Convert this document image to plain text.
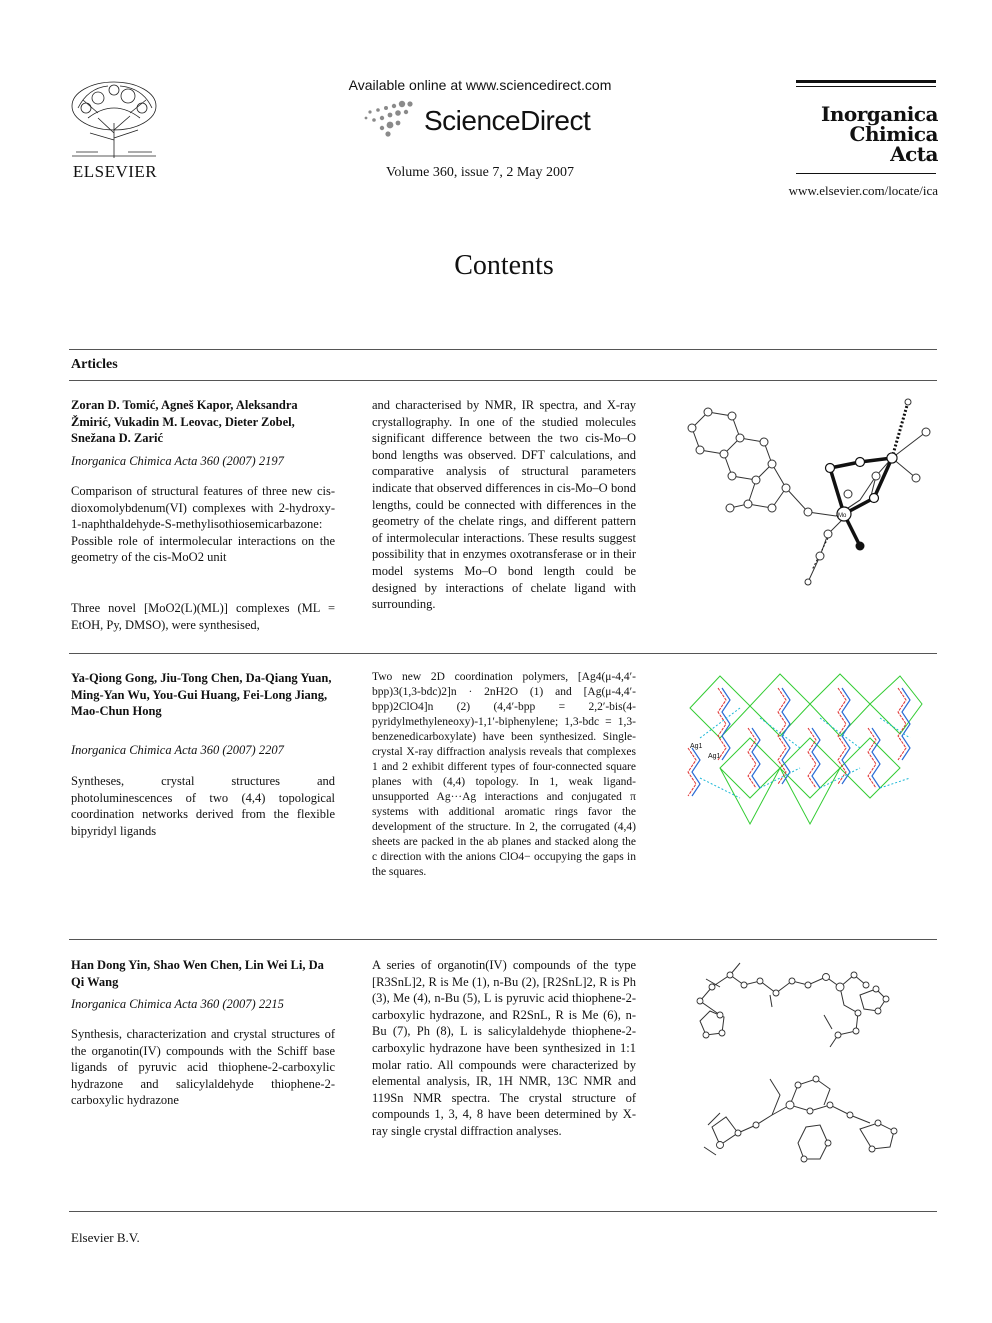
ELSEVIER
Available online at www.sciencedirect.com
ScienceDirect
Volume 360, issue 7, 2 May 2007
Inorganica
Chimica Acta
www.elsevier.com/locate/ica
Contents
Articles
Zoran D. Tomić, Agneš Kapor, Aleksandra Žmirić, Vukadin M. Leovac, Dieter Zobel, Snežana D. Zarić
Inorganica Chimica Acta 360 (2007) 2197
Comparison of structural features of three new cis-dioxomolybdenum(VI) complexes with 2-hydroxy-1-naphthaldehyde-S-methylisothiosemicarbazone: Possible role of intermolecular interactions on the geometry of the cis-MoO2 unit
Three novel [MoO2(L)(ML)] complexes (ML = EtOH, Py, DMSO), were synthesised,
and characterised by NMR, IR spectra, and X-ray crystallography. In one of the studied molecules significant difference between the two cis-Mo–O bond lengths was observed. DFT calculations, and comparative analysis of structural parameters indicate that observed differences in cis-Mo–O bond lengths, could be connected with differences in the geometry of the chelate rings, and different pattern of intermolecular interactions. These results suggest possibility that in enzymes oxotransferase or in their model systems Mo–O bond length could be designed by interactions of chelate ligand with surrounding.
Mo
Ya-Qiong Gong, Jiu-Tong Chen, Da-Qiang Yuan, Ming-Yan Wu, You-Gui Huang, Fei-Long Jiang, Mao-Chun Hong
Inorganica Chimica Acta 360 (2007) 2207
Syntheses, crystal structures and photoluminescences of two (4,4) topological coordination networks derived from the flexible bipyridyl ligands
Two new 2D coordination polymers, [Ag4(μ-4,4′-bpp)3(1,3-bdc)2]n · 2nH2O (1) and [Ag(μ-4,4′-bpp)2ClO4]n (2) (4,4′-bpp = 2,2′-bis(4-pyridylmethyleneoxy)-1,1′-biphenylene; 1,3-bdc = 1,3-benzenedicarboxylate) have been synthesized. Single-crystal X-ray diffraction analysis reveals that complexes 1 and 2 exhibit different types of four-connected square planes with (4,4) topology. In 1, weak ligand-unsupported Ag···Ag interactions and conjugated π systems with additional aromatic rings favor the development of the structure. In 2, the corrugated (4,4) sheets are packed in the ab planes and stacked along the c direction with the anions ClO4− occupying the gaps in the squares.
Ag1
Ag1
Han Dong Yin, Shao Wen Chen, Lin Wei Li, Da Qi Wang
Inorganica Chimica Acta 360 (2007) 2215
Synthesis, characterization and crystal structures of the organotin(IV) compounds with the Schiff base ligands of pyruvic acid thiophene-2-carboxylic hydrazone and salicylaldehyde thiophene-2-carboxylic hydrazone
A series of organotin(IV) compounds of the type [R3SnL]2, R is Me (1), n-Bu (2), [R2SnL]2, R is Ph (3), Me (4), n-Bu (5), L is pyruvic acid thiophene-2-carboxylic hydrazone, and R2SnL, R is Me (6), n-Bu (7), Ph (8), L is salicylaldehyde thiophene-2-carboxylic hydrazone have been synthesized in 1:1 molar ratio. All compounds were characterized by elemental analysis, IR, 1H NMR, 13C NMR and 119Sn NMR spectra. The crystal structure of compounds 1, 3, 4, 8 have been determined by X-ray single crystal diffraction analyses.
Elsevier B.V.
